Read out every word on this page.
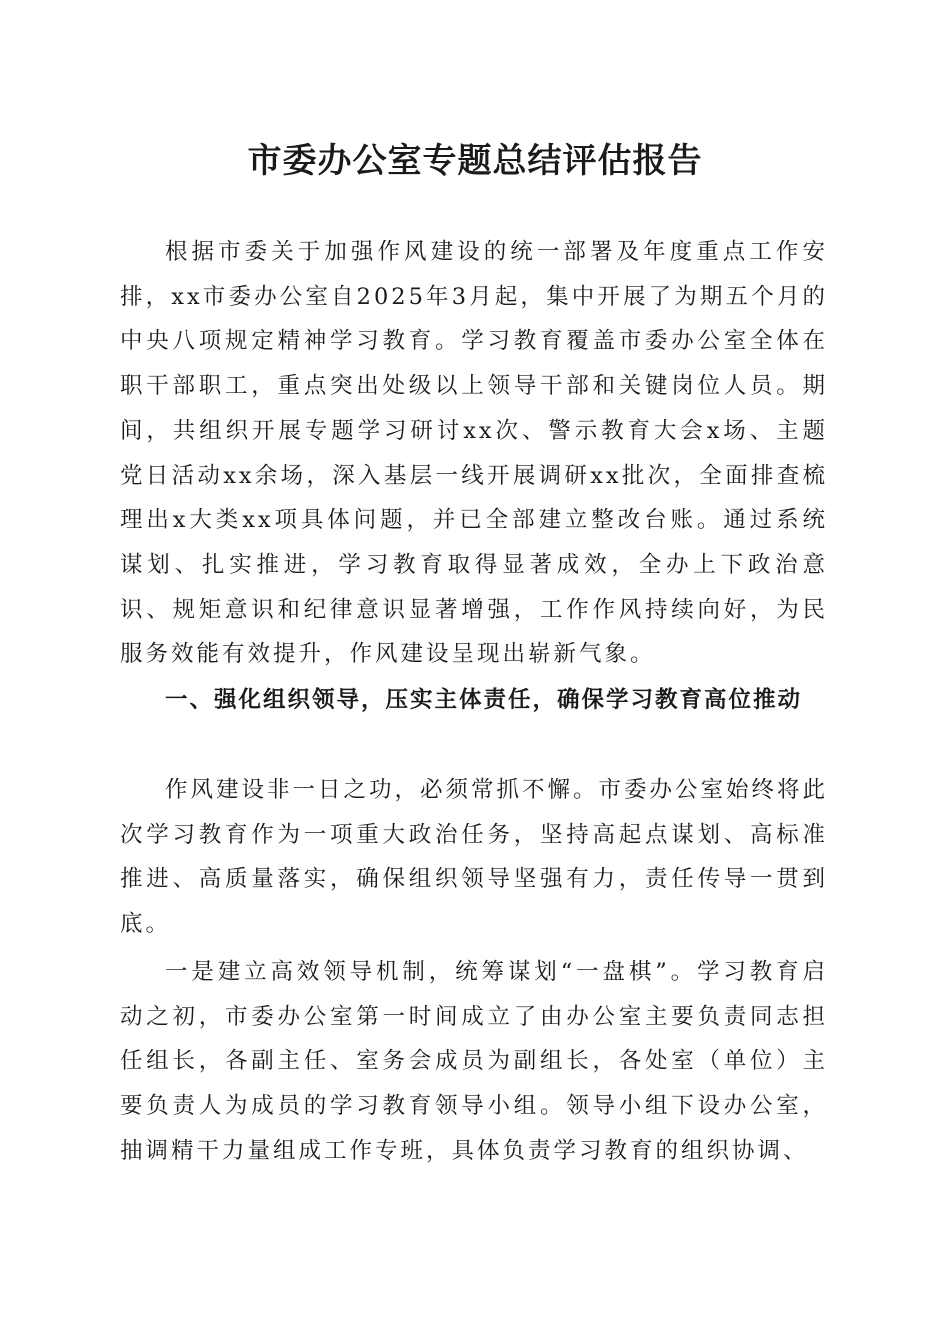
市委办公室专题总结评估报告

根据市委关于加强作风建设的统一部署及年度重点工作安排，xx市委办公室自2025年3月起，集中开展了为期五个月的中央八项规定精神学习教育。学习教育覆盖市委办公室全体在职干部职工，重点突出处级以上领导干部和关键岗位人员。期间，共组织开展专题学习研讨xx次、警示教育大会x场、主题党日活动xx余场，深入基层一线开展调研xx批次，全面排查梳理出x大类xx项具体问题，并已全部建立整改台账。通过系统谋划、扎实推进，学习教育取得显著成效，全办上下政治意识、规矩意识和纪律意识显著增强，工作作风持续向好，为民服务效能有效提升，作风建设呈现出崭新气象。

一、强化组织领导，压实主体责任，确保学习教育高位推动

作风建设非一日之功，必须常抓不懈。市委办公室始终将此次学习教育作为一项重大政治任务，坚持高起点谋划、高标准推进、高质量落实，确保组织领导坚强有力，责任传导一贯到底。

一是建立高效领导机制，统筹谋划“一盘棋”。学习教育启动之初，市委办公室第一时间成立了由办公室主要负责同志担任组长，各副主任、室务会成员为副组长，各处室（单位）主要负责人为成员的学习教育领导小组。领导小组下设办公室，抽调精干力量组成工作专班，具体负责学习教育的组织协调、
